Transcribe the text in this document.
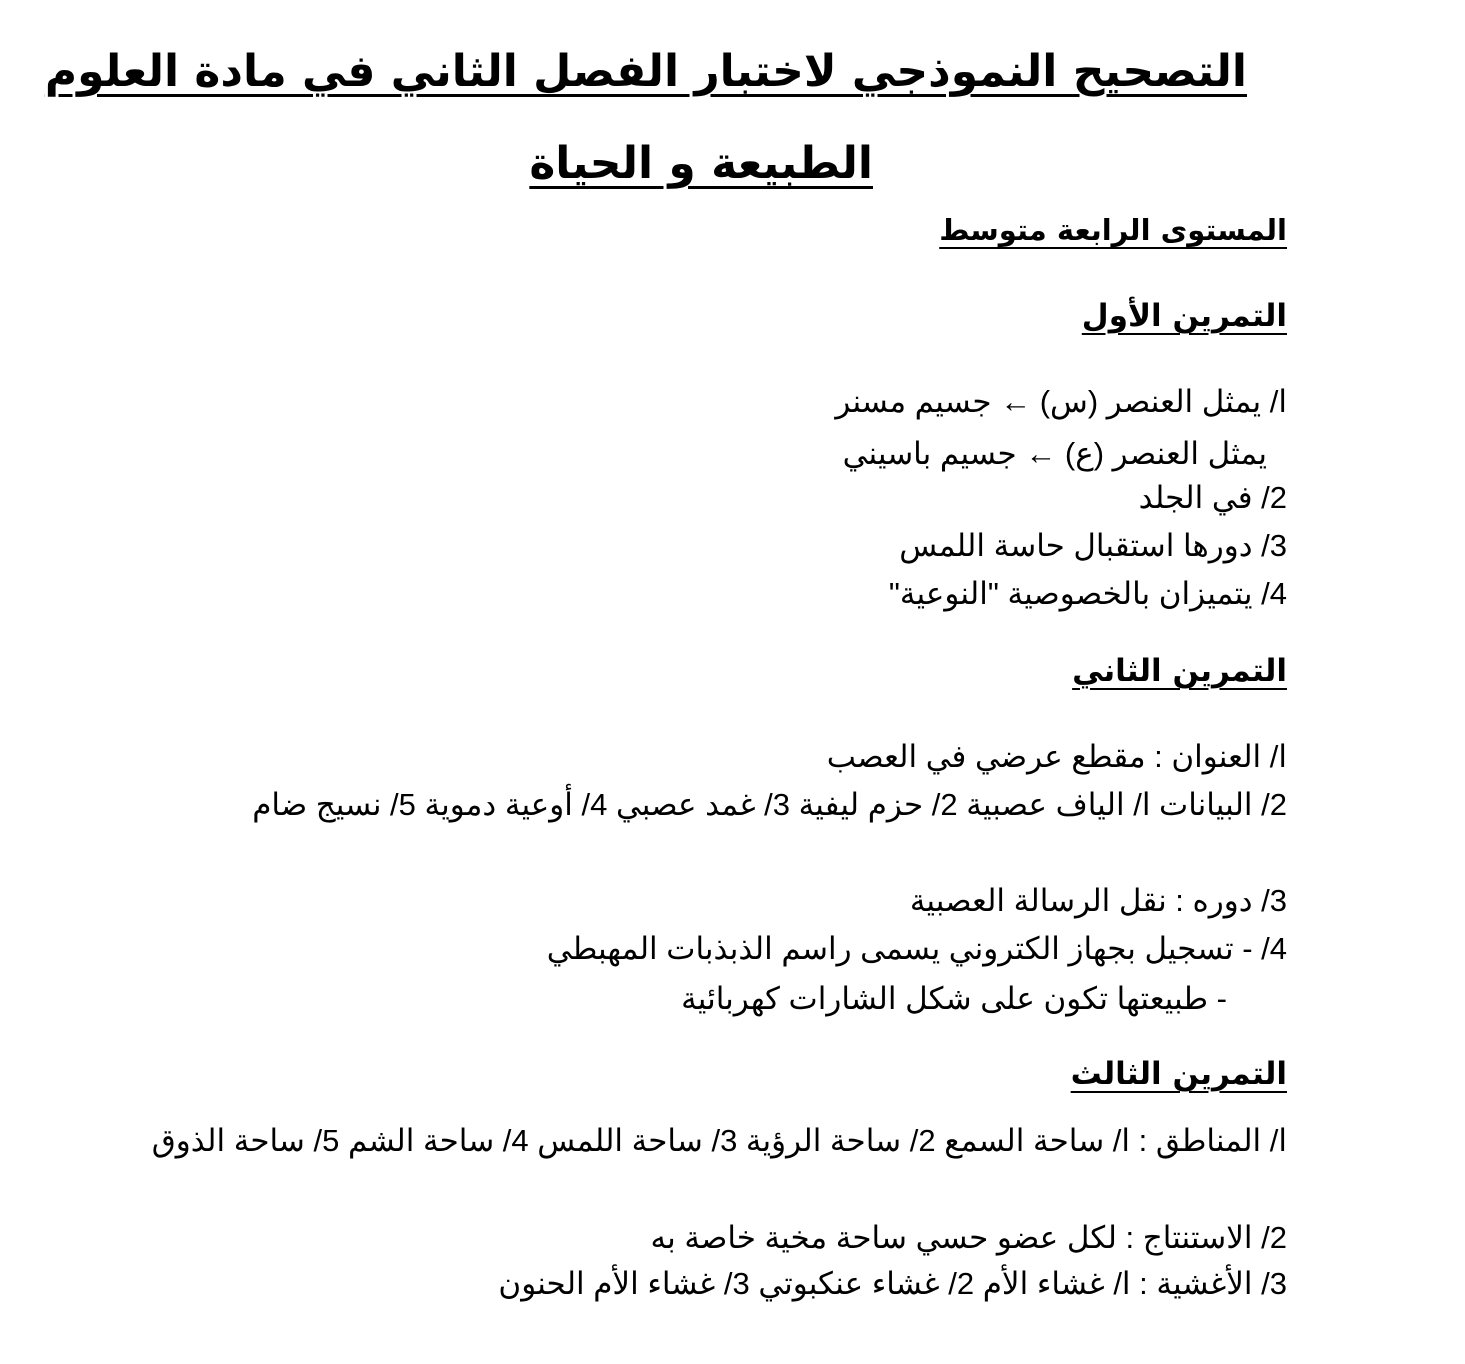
التصحيح النموذجي لاختبار الفصل الثاني في مادة العلوم
الطبيعة و الحياة
المستوى الرابعة متوسط
التمرين الأول
ا/ يمثل العنصر (س) ← جسيم مسنر
يمثل العنصر (ع) ← جسيم باسيني
2/ في الجلد
3/ دورها استقبال حاسة اللمس
4/ يتميزان بالخصوصية "النوعية"
التمرين الثاني
ا/ العنوان : مقطع عرضي في العصب
2/ البيانات ا/ الياف عصبية 2/ حزم ليفية 3/ غمد عصبي 4/ أوعية دموية 5/ نسيج ضام
3/ دوره : نقل الرسالة العصبية
4/ - تسجيل بجهاز الكتروني يسمى راسم الذبذبات المهبطي
- طبيعتها تكون على شكل الشارات كهربائية
التمرين الثالث
ا/ المناطق : ا/ ساحة السمع 2/ ساحة الرؤية 3/ ساحة اللمس 4/ ساحة الشم 5/ ساحة الذوق
2/ الاستنتاج : لكل عضو حسي ساحة مخية خاصة به
3/ الأغشية : ا/ غشاء الأم 2/ غشاء عنكبوتي 3/ غشاء الأم الحنون
